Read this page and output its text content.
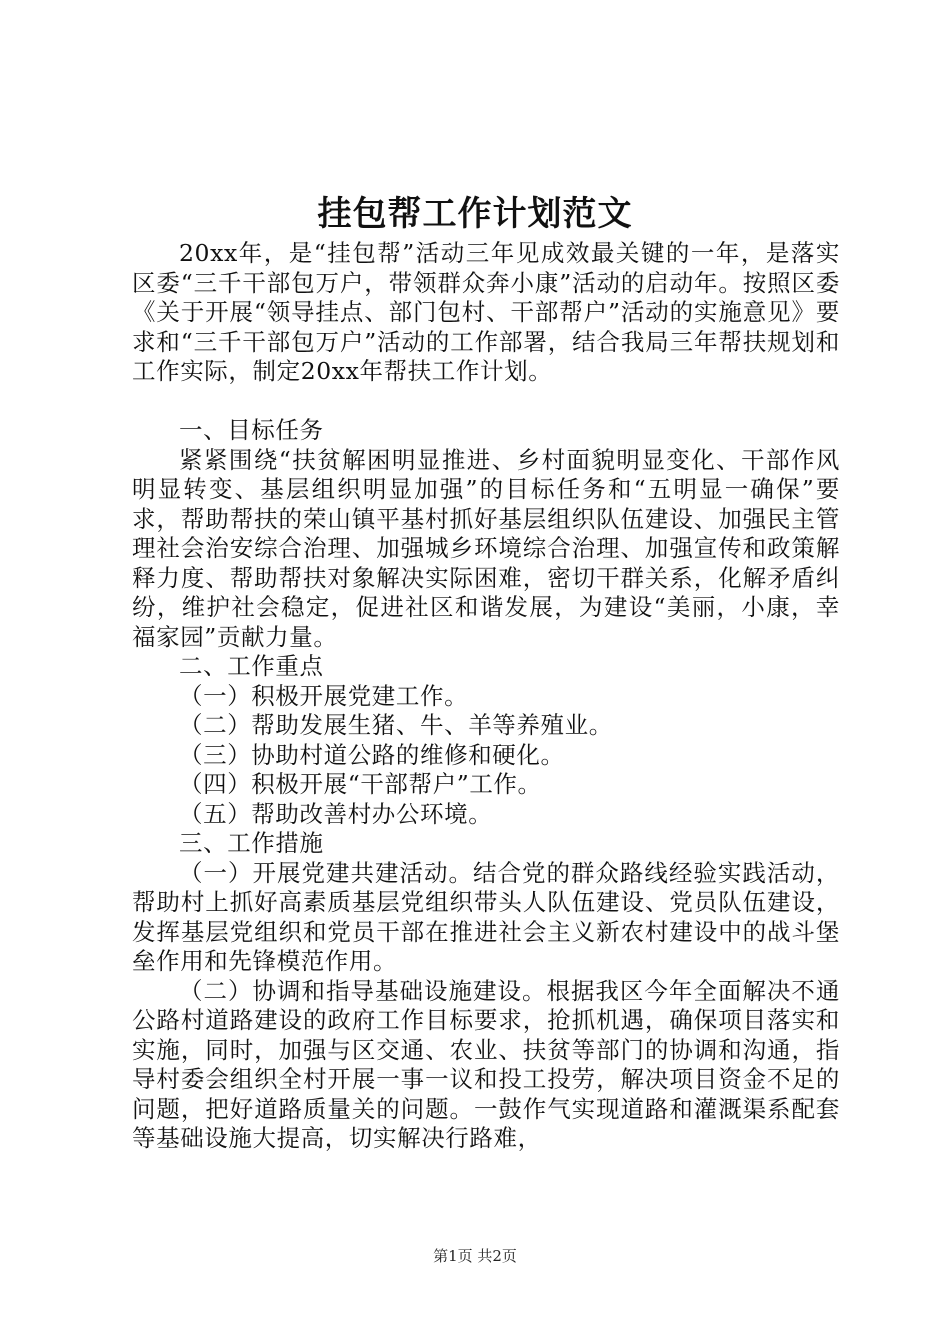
挂包帮工作计划范文

20xx年，是“挂包帮”活动三年见成效最关键的一年，是落实区委“三千干部包万户，带领群众奔小康”活动的启动年。按照区委《关于开展“领导挂点、部门包村、干部帮户”活动的实施意见》要求和“三千干部包万户”活动的工作部署，结合我局三年帮扶规划和工作实际，制定20xx年帮扶工作计划。

一、目标任务

紧紧围绕“扶贫解困明显推进、乡村面貌明显变化、干部作风明显转变、基层组织明显加强”的目标任务和“五明显一确保”要求，帮助帮扶的荣山镇平基村抓好基层组织队伍建设、加强民主管理社会治安综合治理、加强城乡环境综合治理、加强宣传和政策解释力度、帮助帮扶对象解决实际困难，密切干群关系，化解矛盾纠纷，维护社会稳定，促进社区和谐发展，为建设“美丽，小康，幸福家园”贡献力量。

二、工作重点

（一）积极开展党建工作。

（二）帮助发展生猪、牛、羊等养殖业。

（三）协助村道公路的维修和硬化。

（四）积极开展“干部帮户”工作。

（五）帮助改善村办公环境。

三、工作措施

（一）开展党建共建活动。结合党的群众路线经验实践活动，帮助村上抓好高素质基层党组织带头人队伍建设、党员队伍建设，发挥基层党组织和党员干部在推进社会主义新农村建设中的战斗堡垒作用和先锋模范作用。

（二）协调和指导基础设施建设。根据我区今年全面解决不通公路村道路建设的政府工作目标要求，抢抓机遇，确保项目落实和实施，同时，加强与区交通、农业、扶贫等部门的协调和沟通，指导村委会组织全村开展一事一议和投工投劳，解决项目资金不足的问题，把好道路质量关的问题。一鼓作气实现道路和灌溉渠系配套等基础设施大提高，切实解决行路难，

第1页 共2页
